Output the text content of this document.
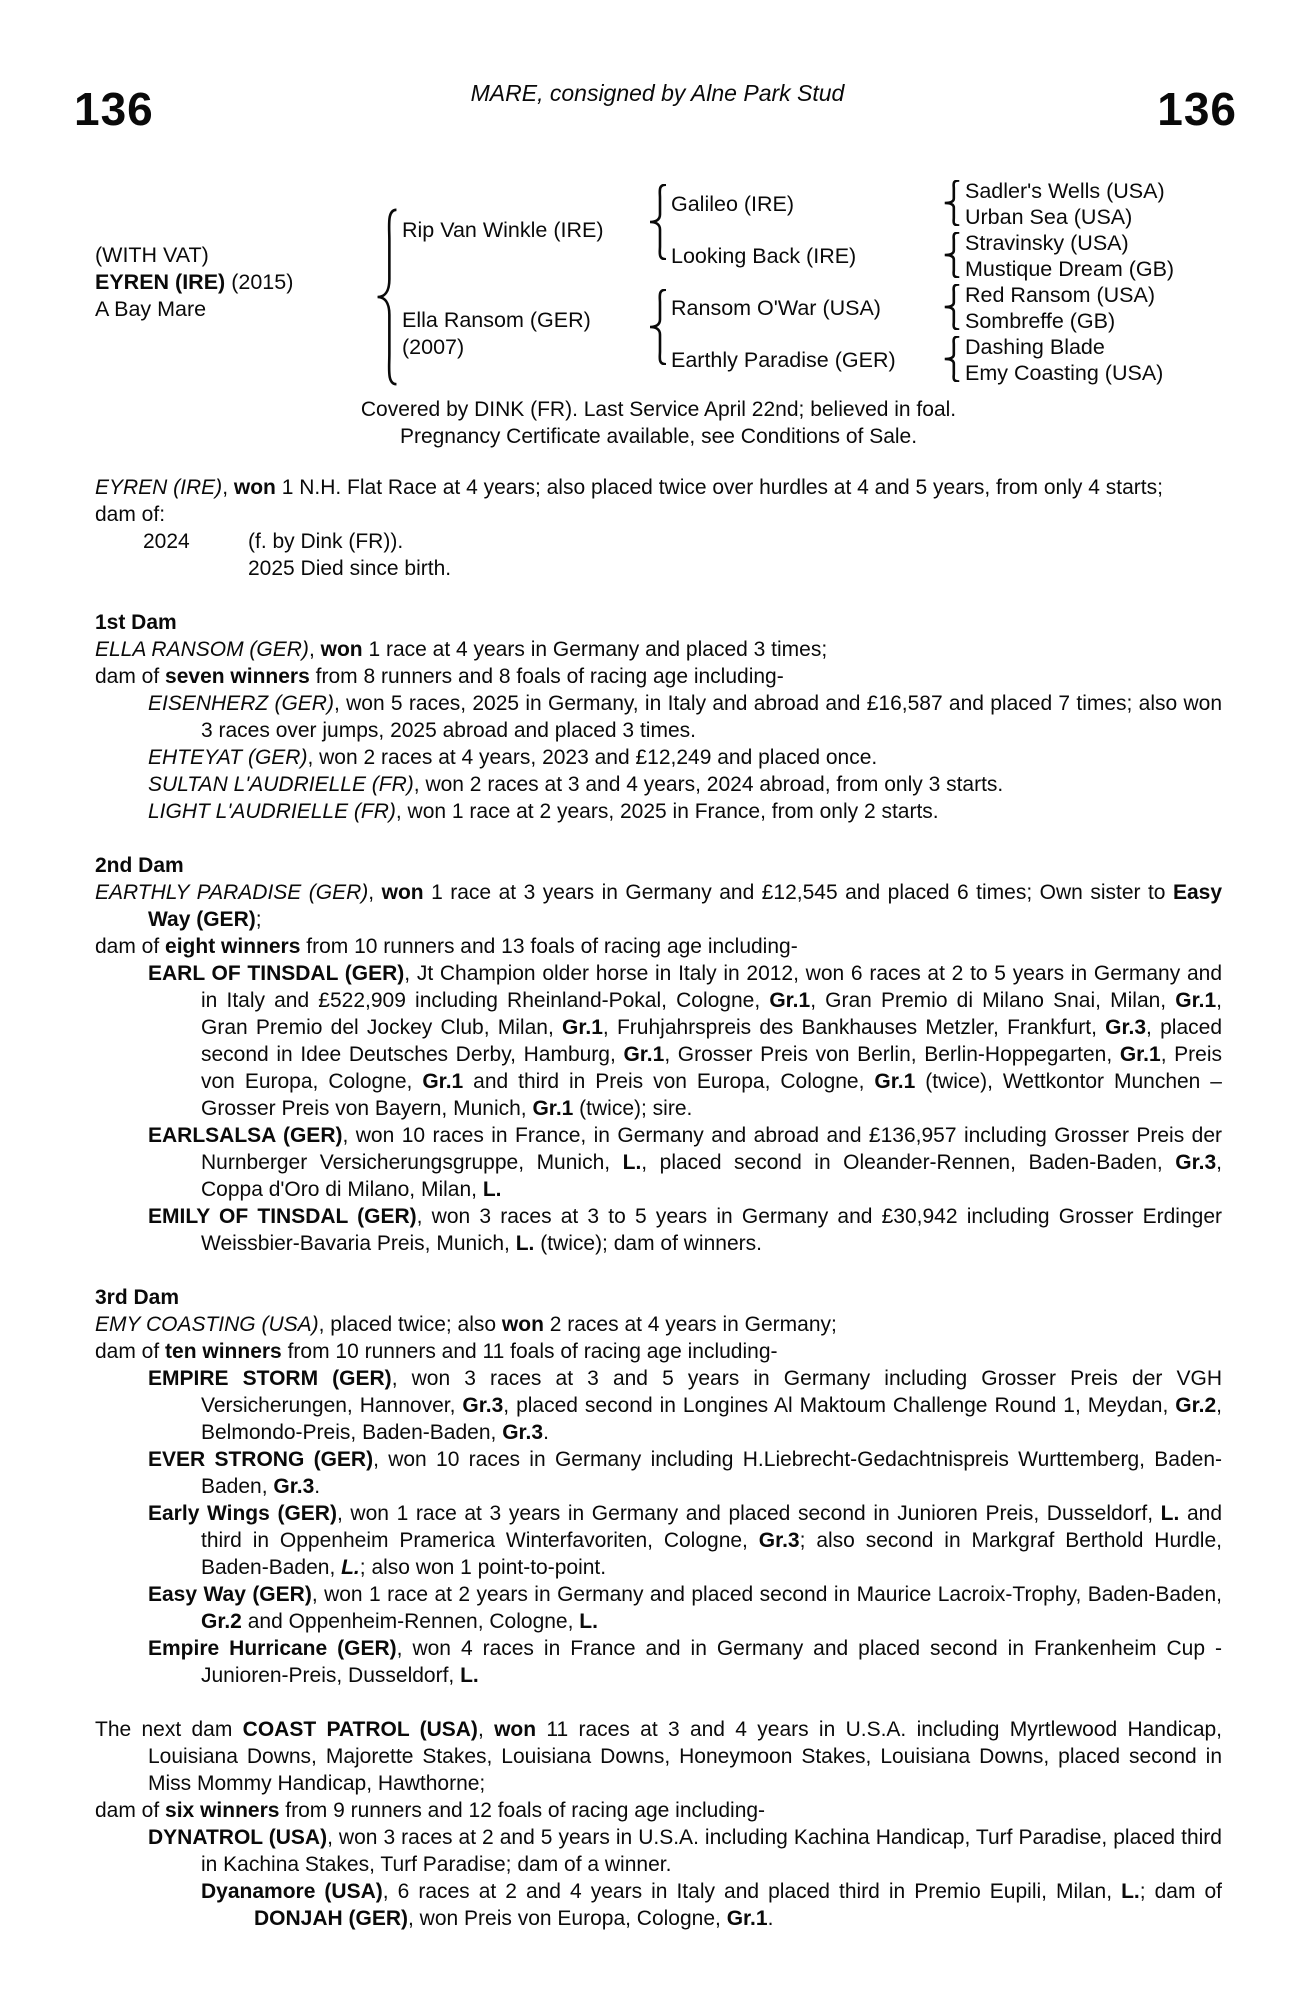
MARE, consigned by Alne Park Stud
136	136
(WITH VAT)
EYREN (IRE) (2015)
A Bay Mare
Rip Van Winkle (IRE)
Ella Ransom (GER)
(2007)
Galileo (IRE)
Looking Back (IRE)
Ransom O'War (USA)
Earthly Paradise (GER)
Sadler's Wells (USA)
Urban Sea (USA)
Stravinsky (USA)
Mustique Dream (GB)
Red Ransom (USA)
Sombreffe (GB)
Dashing Blade
Emy Coasting (USA)

Covered by DINK (FR). Last Service April 22nd; believed in foal.

Pregnancy Certificate available, see Conditions of Sale.

EYREN (IRE), won 1 N.H. Flat Race at 4 years; also placed twice over hurdles at 4 and 5 years, from only 4 starts;

dam of:

2024	(f. by Dink (FR)).

2025 Died since birth.

1st Dam

ELLA RANSOM (GER), won 1 race at 4 years in Germany and placed 3 times;

dam of seven winners from 8 runners and 8 foals of racing age including-

EISENHERZ (GER), won 5 races, 2025 in Germany, in Italy and abroad and £16,587 and placed 7 times; also won 3 races over jumps, 2025 abroad and placed 3 times.

EHTEYAT (GER), won 2 races at 4 years, 2023 and £12,249 and placed once.

SULTAN L'AUDRIELLE (FR), won 2 races at 3 and 4 years, 2024 abroad, from only 3 starts.

LIGHT L'AUDRIELLE (FR), won 1 race at 2 years, 2025 in France, from only 2 starts.

2nd Dam

EARTHLY PARADISE (GER), won 1 race at 3 years in Germany and £12,545 and placed 6 times; Own sister to Easy Way (GER);

dam of eight winners from 10 runners and 13 foals of racing age including-

EARL OF TINSDAL (GER), Jt Champion older horse in Italy in 2012, won 6 races at 2 to 5 years in Germany and in Italy and £522,909 including Rheinland-Pokal, Cologne, Gr.1, Gran Premio di Milano Snai, Milan, Gr.1, Gran Premio del Jockey Club, Milan, Gr.1, Fruhjahrspreis des Bankhauses Metzler, Frankfurt, Gr.3, placed second in Idee Deutsches Derby, Hamburg, Gr.1, Grosser Preis von Berlin, Berlin-Hoppegarten, Gr.1, Preis von Europa, Cologne, Gr.1 and third in Preis von Europa, Cologne, Gr.1 (twice), Wettkontor Munchen – Grosser Preis von Bayern, Munich, Gr.1 (twice); sire.

EARLSALSA (GER), won 10 races in France, in Germany and abroad and £136,957 including Grosser Preis der Nurnberger Versicherungsgruppe, Munich, L., placed second in Oleander-Rennen, Baden-Baden, Gr.3, Coppa d'Oro di Milano, Milan, L.

EMILY OF TINSDAL (GER), won 3 races at 3 to 5 years in Germany and £30,942 including Grosser Erdinger Weissbier-Bavaria Preis, Munich, L. (twice); dam of winners.

3rd Dam

EMY COASTING (USA), placed twice; also won 2 races at 4 years in Germany;

dam of ten winners from 10 runners and 11 foals of racing age including-

EMPIRE STORM (GER), won 3 races at 3 and 5 years in Germany including Grosser Preis der VGH Versicherungen, Hannover, Gr.3, placed second in Longines Al Maktoum Challenge Round 1, Meydan, Gr.2, Belmondo-Preis, Baden-Baden, Gr.3.

EVER STRONG (GER), won 10 races in Germany including H.Liebrecht-Gedachtnispreis Wurttemberg, Baden-Baden, Gr.3.

Early Wings (GER), won 1 race at 3 years in Germany and placed second in Junioren Preis, Dusseldorf, L. and third in Oppenheim Pramerica Winterfavoriten, Cologne, Gr.3; also second in Markgraf Berthold Hurdle, Baden-Baden, L.; also won 1 point-to-point.

Easy Way (GER), won 1 race at 2 years in Germany and placed second in Maurice Lacroix-Trophy, Baden-Baden, Gr.2 and Oppenheim-Rennen, Cologne, L.

Empire Hurricane (GER), won 4 races in France and in Germany and placed second in Frankenheim Cup - Junioren-Preis, Dusseldorf, L.

The next dam COAST PATROL (USA), won 11 races at 3 and 4 years in U.S.A. including Myrtlewood Handicap, Louisiana Downs, Majorette Stakes, Louisiana Downs, Honeymoon Stakes, Louisiana Downs, placed second in Miss Mommy Handicap, Hawthorne;

dam of six winners from 9 runners and 12 foals of racing age including-

DYNATROL (USA), won 3 races at 2 and 5 years in U.S.A. including Kachina Handicap, Turf Paradise, placed third in Kachina Stakes, Turf Paradise; dam of a winner.

Dyanamore (USA), 6 races at 2 and 4 years in Italy and placed third in Premio Eupili, Milan, L.; dam of DONJAH (GER), won Preis von Europa, Cologne, Gr.1.
